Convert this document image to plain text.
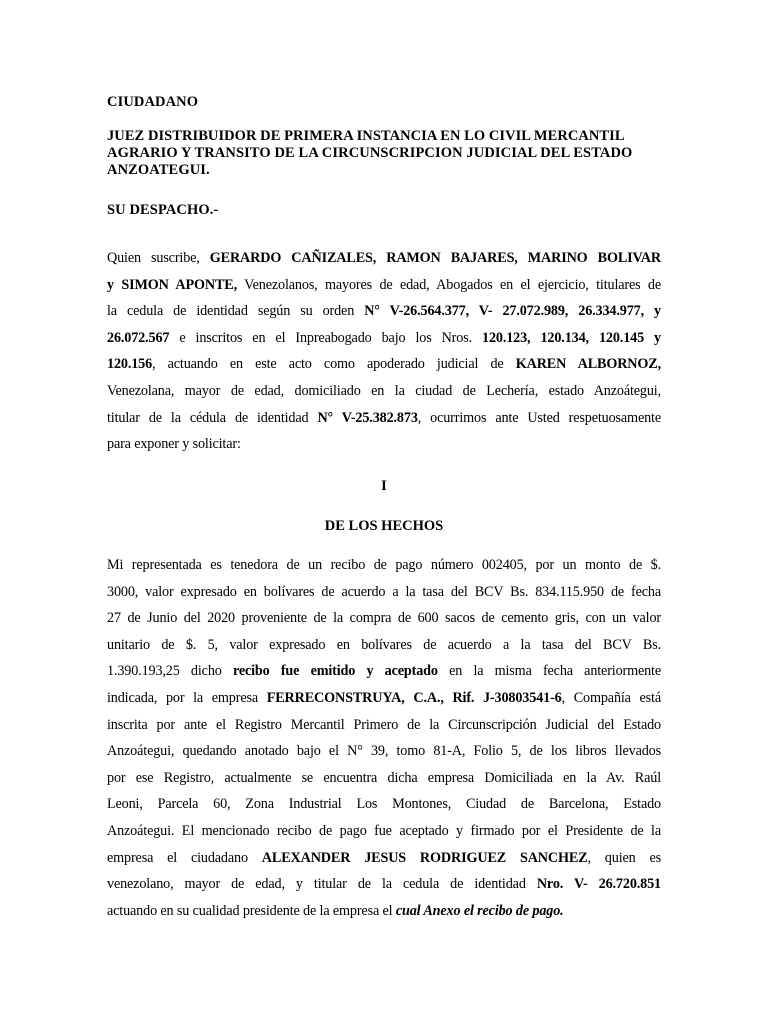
CIUDADANO
JUEZ DISTRIBUIDOR DE PRIMERA INSTANCIA EN LO CIVIL MERCANTIL
AGRARIO Y TRANSITO DE LA CIRCUNSCRIPCION JUDICIAL DEL ESTADO
ANZOATEGUI.
SU DESPACHO.-
Quien suscribe, GERARDO CAÑIZALES, RAMON BAJARES, MARINO BOLIVAR
y SIMON APONTE, Venezolanos, mayores de edad, Abogados en el ejercicio, titulares de
la cedula de identidad según su orden N° V-26.564.377, V- 27.072.989, 26.334.977, y
26.072.567 e inscritos en el Inpreabogado bajo los Nros. 120.123, 120.134, 120.145 y
120.156, actuando en este acto como apoderado judicial de KAREN ALBORNOZ,
Venezolana, mayor de edad, domiciliado en la ciudad de Lechería, estado Anzoátegui,
titular de la cédula de identidad N° V-25.382.873, ocurrimos ante Usted respetuosamente
para exponer y solicitar:
I
DE LOS HECHOS
Mi representada es tenedora de un recibo de pago número 002405, por un monto de $.
3000, valor expresado en bolívares de acuerdo a la tasa del BCV Bs. 834.115.950 de fecha
27 de Junio del 2020 proveniente de la compra de 600 sacos de cemento gris, con un valor
unitario de $. 5, valor expresado en bolívares de acuerdo a la tasa del BCV Bs.
1.390.193,25 dicho recibo fue emitido y aceptado en la misma fecha anteriormente
indicada, por la empresa FERRECONSTRUYA, C.A., Rif. J-30803541-6, Compañía está
inscrita por ante el Registro Mercantil Primero de la Circunscripción Judicial del Estado
Anzoátegui, quedando anotado bajo el N° 39, tomo 81-A, Folio 5, de los libros llevados
por ese Registro, actualmente se encuentra dicha empresa Domiciliada en la Av. Raúl
Leoni, Parcela 60, Zona Industrial Los Montones, Ciudad de Barcelona, Estado
Anzoátegui. El mencionado recibo de pago fue aceptado y firmado por el Presidente de la
empresa el ciudadano ALEXANDER JESUS RODRIGUEZ SANCHEZ, quien es
venezolano, mayor de edad, y titular de la cedula de identidad Nro. V- 26.720.851
actuando en su cualidad presidente de la empresa el cual Anexo el recibo de pago.
